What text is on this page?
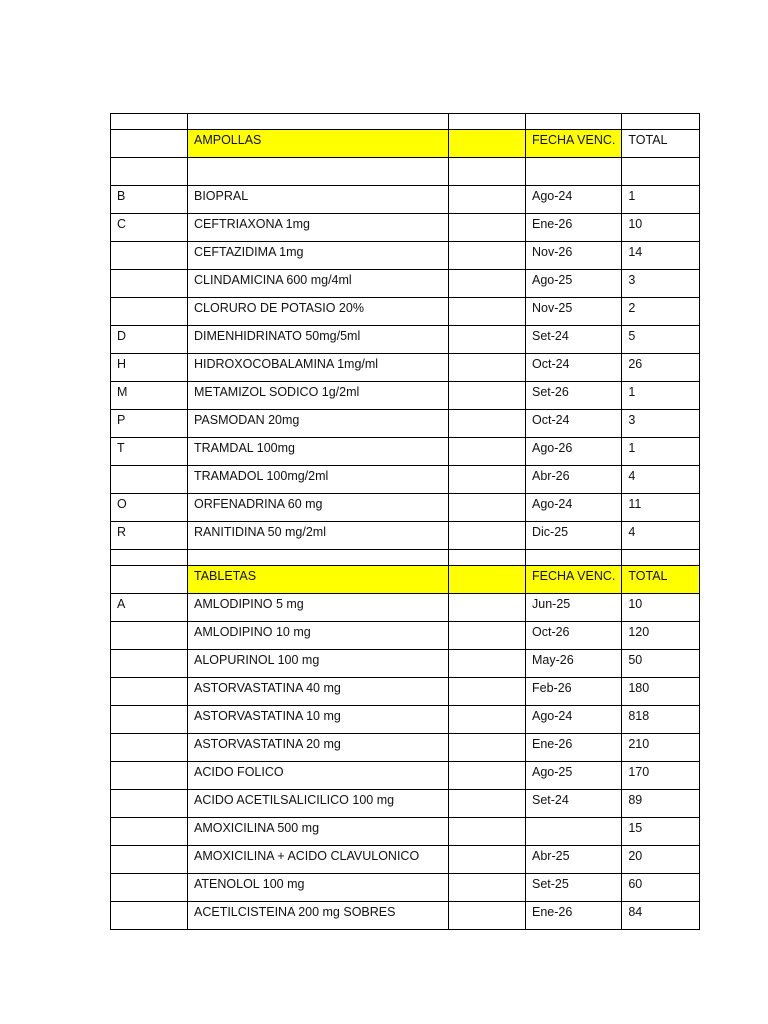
	AMPOLLAS		FECHA VENC.	TOTAL

B	BIOPRAL		Ago-24	1
C	CEFTRIAXONA 1mg		Ene-26	10
	CEFTAZIDIMA 1mg		Nov-26	14
	CLINDAMICINA 600 mg/4ml		Ago-25	3
	CLORURO DE POTASIO 20%		Nov-25	2
D	DIMENHIDRINATO 50mg/5ml		Set-24	5
H	HIDROXOCOBALAMINA 1mg/ml		Oct-24	26
M	METAMIZOL SODICO 1g/2ml		Set-26	1
P	PASMODAN 20mg		Oct-24	3
T	TRAMDAL 100mg		Ago-26	1
	TRAMADOL 100mg/2ml		Abr-26	4
O	ORFENADRINA 60 mg		Ago-24	11
R	RANITIDINA 50 mg/2ml		Dic-25	4

	TABLETAS		FECHA VENC.	TOTAL
A	AMLODIPINO 5 mg		Jun-25	10
	AMLODIPINO 10 mg		Oct-26	120
	ALOPURINOL 100 mg		May-26	50
	ASTORVASTATINA 40 mg		Feb-26	180
	ASTORVASTATINA 10 mg		Ago-24	818
	ASTORVASTATINA 20 mg		Ene-26	210
	ACIDO FOLICO		Ago-25	170
	ACIDO ACETILSALICILICO 100 mg		Set-24	89
	AMOXICILINA 500 mg			15
	AMOXICILINA + ACIDO CLAVULONICO		Abr-25	20
	ATENOLOL 100 mg		Set-25	60
	ACETILCISTEINA 200 mg SOBRES		Ene-26	84
